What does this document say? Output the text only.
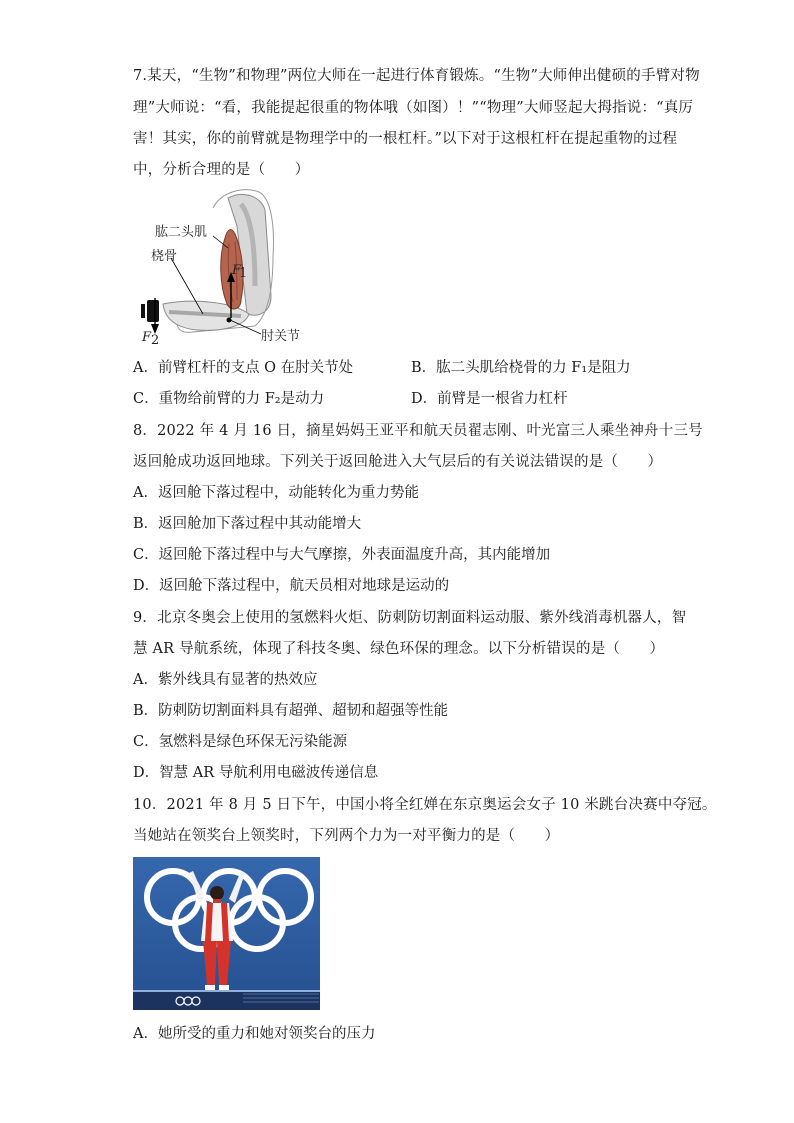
7.某天，“生物”和物理”两位大师在一起进行体育锻炼。“生物”大师伸出健硕的手臂对物
理”大师说：“看，我能提起很重的物体哦（如图）！”“物理”大师竖起大拇指说：“真厉
害！其实，你的前臂就是物理学中的一根杠杆。”以下对于这根杠杆在提起重物的过程
中，分析合理的是（　　）
F
1
F 2
肱二头肌
桡骨
肘关节
A．前臂杠杆的支点 O 在肘关节处	B．肱二头肌给桡骨的力 F₁是阻力
C．重物给前臂的力 F₂是动力	D．前臂是一根省力杠杆
8．2022 年 4 月 16 日，摘星妈妈王亚平和航天员翟志刚、叶光富三人乘坐神舟十三号
返回舱成功返回地球。下列关于返回舱进入大气层后的有关说法错误的是（　　）
A．返回舱下落过程中，动能转化为重力势能
B．返回舱加下落过程中其动能增大
C．返回舱下落过程中与大气摩擦，外表面温度升高，其内能增加
D．返回舱下落过程中，航天员相对地球是运动的
9．北京冬奥会上使用的氢燃料火炬、防刺防切割面料运动服、紫外线消毒机器人，智
慧 AR 导航系统，体现了科技冬奥、绿色环保的理念。以下分析错误的是（　　）
A．紫外线具有显著的热效应
B．防刺防切割面料具有超弹、超韧和超强等性能
C．氢燃料是绿色环保无污染能源
D．智慧 AR 导航利用电磁波传递信息
10．2021 年 8 月 5 日下午，中国小将全红婵在东京奥运会女子 10 米跳台决赛中夺冠。
当她站在领奖台上领奖时，下列两个力为一对平衡力的是（　　）
A．她所受的重力和她对领奖台的压力
